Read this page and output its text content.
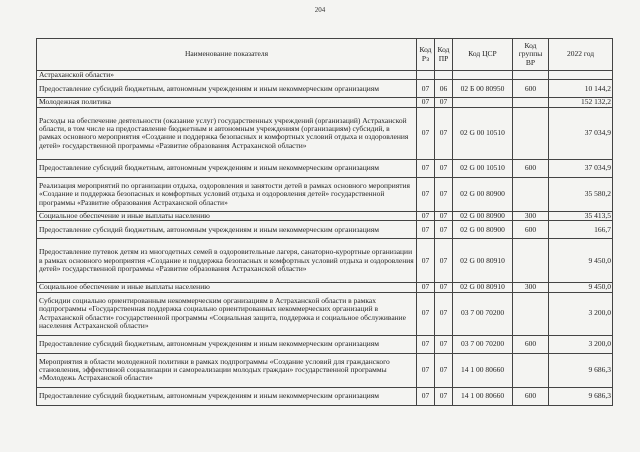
204
Наименование показателя	Код Рз	Код ПР	Код ЦСР	Код группы ВР	2022 год
Астраханской области»					
Предоставление субсидий бюджетным, автономным учреждениям и иным некоммерческим организациям	07	06	02 Б 00 80950	600	10 144,2
Молодежная политика	07	07			152 132,2
Расходы на обеспечение деятельности (оказание услуг) государственных учреждений (организаций) Астраханской области, в том числе на предоставление бюджетным и автономным учреждениям (организациям) субсидий, в рамках основного мероприятия «Создание и поддержка безопасных и комфортных условий отдыха и оздоровления детей» государственной программы «Развитие образования Астраханской области»	07	07	02 G 00 10510		37 034,9
Предоставление субсидий бюджетным, автономным учреждениям и иным некоммерческим организациям	07	07	02 G 00 10510	600	37 034,9
Реализация мероприятий по организации отдыха, оздоровления и занятости детей в рамках основного мероприятия «Создание и поддержка безопасных и комфортных условий отдыха и оздоровления детей» государственной программы «Развитие образования Астраханской области»	07	07	02 G 00 80900		35 580,2
Социальное обеспечение и иные выплаты населению	07	07	02 G 00 80900	300	35 413,5
Предоставление субсидий бюджетным, автономным учреждениям и иным некоммерческим организациям	07	07	02 G 00 80900	600	166,7
Предоставление путевок детям из многодетных семей в оздоровительные лагеря, санаторно-курортные организации в рамках основного мероприятия «Создание и поддержка безопасных и комфортных условий отдыха и оздоровления детей» государственной программы «Развитие образования Астраханской области»	07	07	02 G 00 80910		9 450,0
Социальное обеспечение и иные выплаты населению	07	07	02 G 00 80910	300	9 450,0
Субсидии социально ориентированным некоммерческим организациям в Астраханской области в рамках подпрограммы «Государственная поддержка социально ориентированных некоммерческих организаций в Астраханской области» государственной программы «Социальная защита, поддержка и социальное обслуживание населения Астраханской области»	07	07	03 7 00 70200		3 200,0
Предоставление субсидий бюджетным, автономным учреждениям и иным некоммерческим организациям	07	07	03 7 00 70200	600	3 200,0
Мероприятия в области молодежной политики в рамках подпрограммы «Создание условий для гражданского становления, эффективной социализации и самореализации молодых граждан» государственной программы «Молодежь Астраханской области»	07	07	14 1 00 80660		9 686,3
Предоставление субсидий бюджетным, автономным учреждениям и иным некоммерческим организациям	07	07	14 1 00 80660	600	9 686,3
